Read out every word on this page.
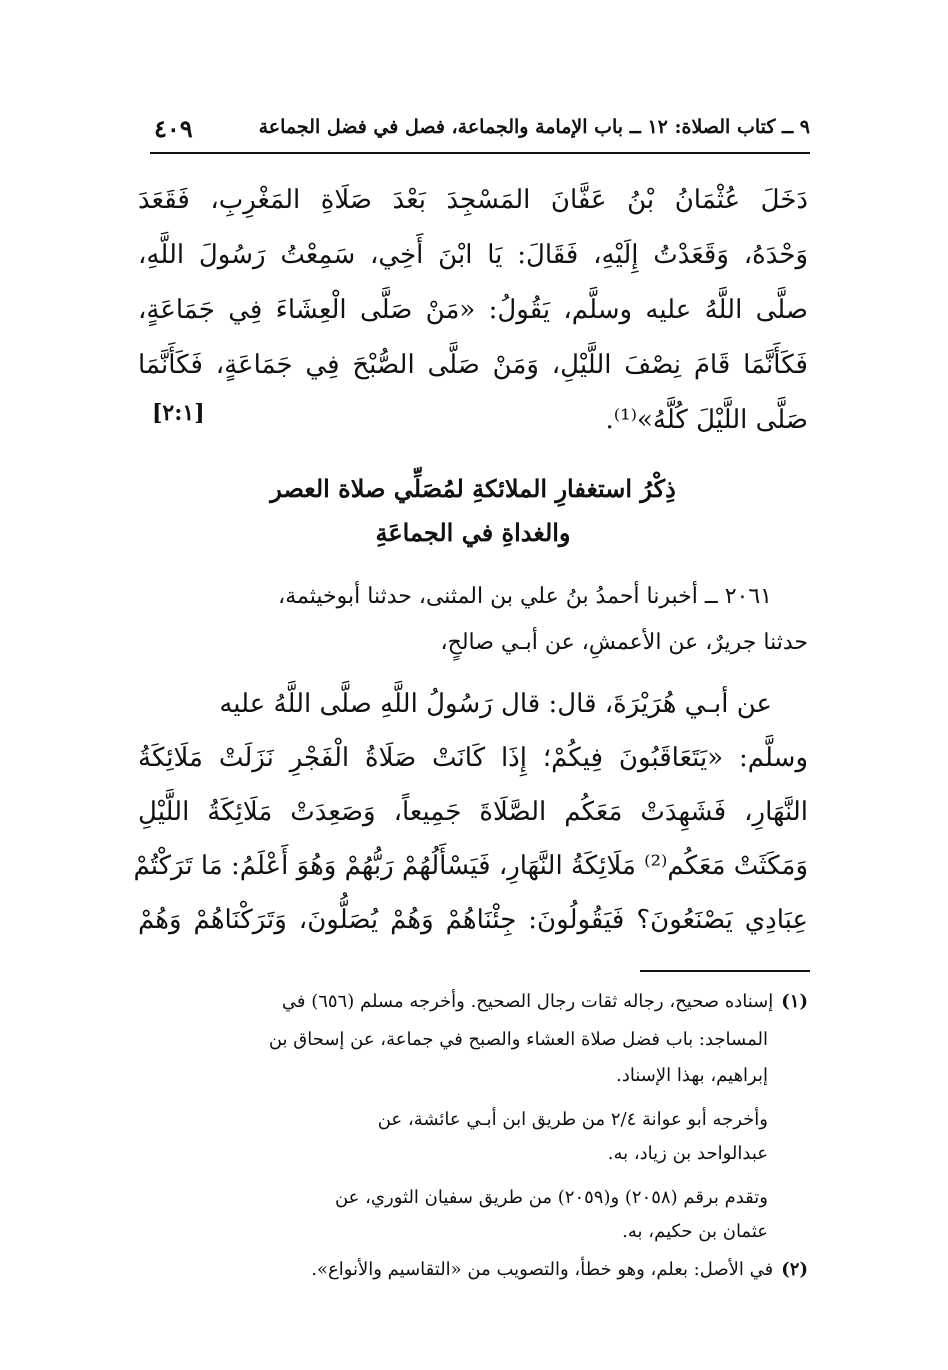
٩ ــ كتاب الصلاة: ١٢ ــ باب الإمامة والجماعة، فصل في فضل الجماعة
٤٠٩
دَخَلَ عُثْمَانُ بْنُ عَفَّانَ المَسْجِدَ بَعْدَ صَلَاةِ المَغْرِبِ، فَقَعَدَ
وَحْدَهُ، وَقَعَدْتُ إِلَيْهِ، فَقَالَ: يَا ابْنَ أَخِي، سَمِعْتُ رَسُولَ اللَّهِ،
صلَّى اللَّهُ عليه وسلَّم، يَقُولُ: «مَنْ صَلَّى الْعِشَاءَ فِي جَمَاعَةٍ،
فَكَأَنَّمَا قَامَ نِصْفَ اللَّيْلِ، وَمَنْ صَلَّى الصُّبْحَ فِي جَمَاعَةٍ، فَكَأَنَّمَا
صَلَّى اللَّيْلَ كُلَّهُ»⁽¹⁾.
[٢:١]
ذِكْرُ استغفارِ الملائكةِ لمُصَلِّي صلاة العصر
والغداةِ في الجماعَةِ
٢٠٦١ ــ أخبرنا أحمدُ بنُ علي بن المثنى، حدثنا أبوخيثمة،
حدثنا جريرٌ، عن الأعمشِ، عن أبـي صالحٍ،
عن أبـي هُرَيْرَةَ، قال: قال رَسُولُ اللَّهِ صلَّى اللَّهُ عليه
وسلَّم: «يَتَعَاقَبُونَ فِيكُمْ؛ إِذَا كَانَتْ صَلَاةُ الْفَجْرِ نَزَلَتْ مَلَائِكَةُ
النَّهَارِ، فَشَهِدَتْ مَعَكُم الصَّلَاةَ جَمِيعاً، وَصَعِدَتْ مَلَائِكَةُ اللَّيْلِ
وَمَكَثَتْ مَعَكُم⁽²⁾ مَلَائِكَةُ النَّهَارِ، فَيَسْأَلُهُمْ رَبُّهُمْ وَهُوَ أَعْلَمُ: مَا تَرَكْتُمْ
عِبَادِي يَصْنَعُونَ؟ فَيَقُولُونَ: جِئْنَاهُمْ وَهُمْ يُصَلُّونَ، وَتَرَكْنَاهُمْ وَهُمْ
(١)إسناده صحيح، رجاله ثقات رجال الصحيح. وأخرجه مسلم (٦٥٦) في
المساجد: باب فضل صلاة العشاء والصبح في جماعة، عن إسحاق بن
إبراهيم، بهذا الإسناد.
وأخرجه أبو عوانة ٢/٤ من طريق ابن أبـي عائشة، عن
عبدالواحد بن زياد، به.
وتقدم برقم (٢٠٥٨) و(٢٠٥٩) من طريق سفيان الثوري، عن
عثمان بن حكيم، به.
(٢)في الأصل: بعلم، وهو خطأ، والتصويب من «التقاسيم والأنواع».
